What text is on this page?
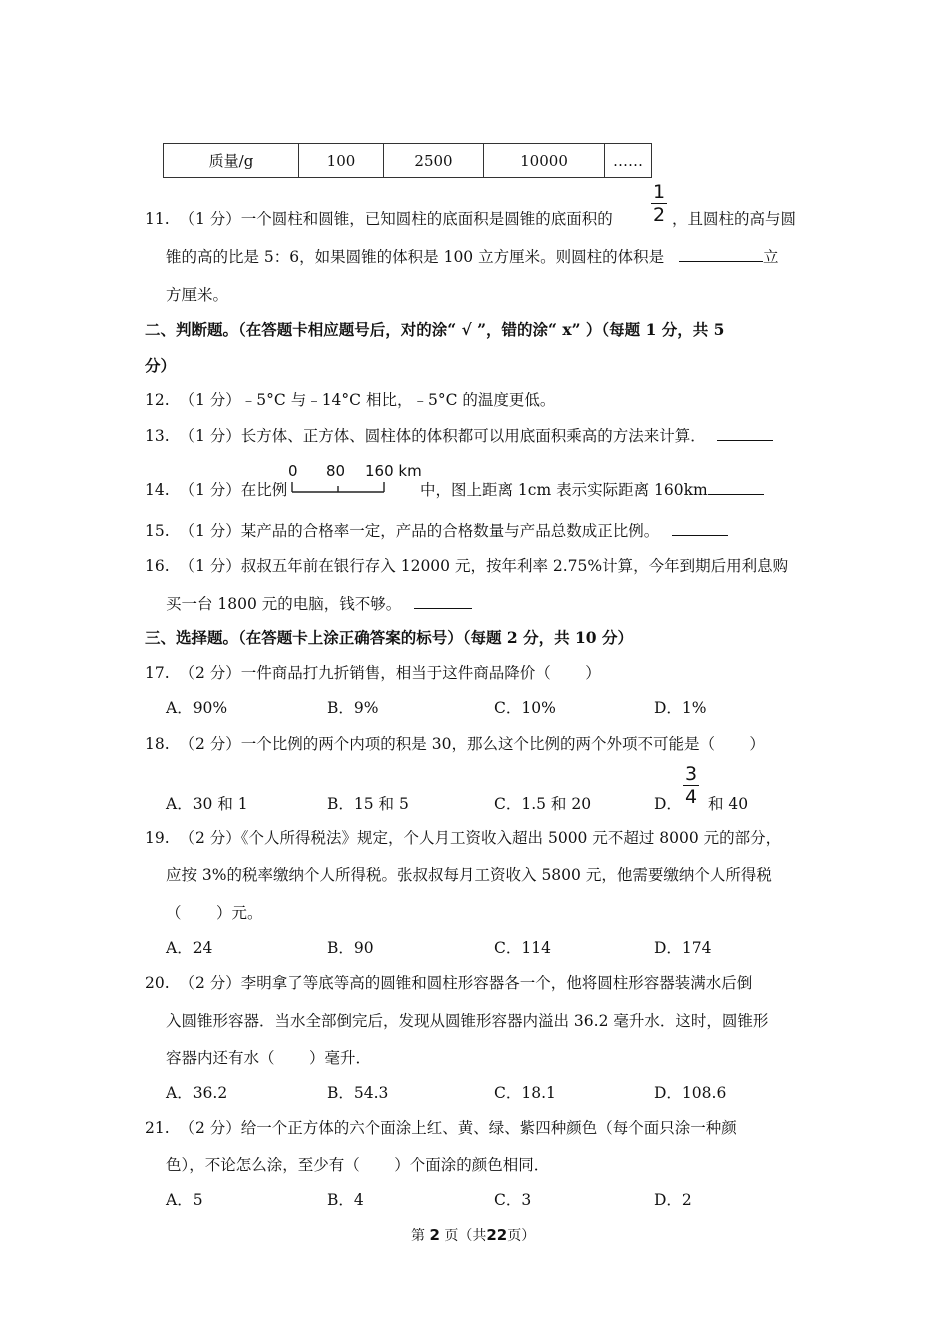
质量/g	100	2500	10000	……
11.  （1 分）一个圆柱和圆锥，已知圆柱的底面积是圆锥的底面积的
1
2 ，且圆柱的高与圆
锥的高的比是 5：6，如果圆锥的体积是 100 立方厘米。则圆柱的体积是	立
方厘米。
二、判断题。（在答题卡相应题号后，对的涂“ √ ”，错的涂“ x” ）（每题 1 分，共 5
分）
12.  （1 分）﹣5°C 与﹣14°C 相比，﹣5°C 的温度更低。
13.  （1 分）长方体、正方体、圆柱体的体积都可以用底面积乘高的方法来计算．
14.  （1 分）在比例
0 80 160 km
中，图上距离 1cm 表示实际距离 160km
15.  （1 分）某产品的合格率一定，产品的合格数量与产品总数成正比例。
16.  （1 分）叔叔五年前在银行存入 12000 元，按年利率 2.75%计算，今年到期后用利息购
买一台 1800 元的电脑，钱不够。
三、选择题。（在答题卡上涂正确答案的标号）（每题 2 分，共 10 分）
17.  （2 分）一件商品打九折销售，相当于这件商品降价（       ）
A．90%	B．9%	C．10%	D．1%
18.  （2 分）一个比例的两个内项的积是 30，那么这个比例的两个外项不可能是（       ）
A．30 和 1	B．15 和 5	C．1.5 和 20	D．
3
4 和 40
19.  （2 分）《个人所得税法》规定，个人月工资收入超出 5000 元不超过 8000 元的部分，
应按 3%的税率缴纳个人所得税。张叔叔每月工资收入 5800 元，他需要缴纳个人所得税
（       ）元。
A．24	B．90	C．114	D．174
20.  （2 分）李明拿了等底等高的圆锥和圆柱形容器各一个，他将圆柱形容器装满水后倒
入圆锥形容器．当水全部倒完后，发现从圆锥形容器内溢出 36.2 毫升水．这时，圆锥形
容器内还有水（       ）毫升．
A．36.2	B．54.3	C．18.1	D．108.6
21.  （2 分）给一个正方体的六个面涂上红、黄、绿、紫四种颜色（每个面只涂一种颜
色），不论怎么涂，至少有（       ）个面涂的颜色相同．
A．5	B．4	C．3	D．2
第 2 页（共22页）
